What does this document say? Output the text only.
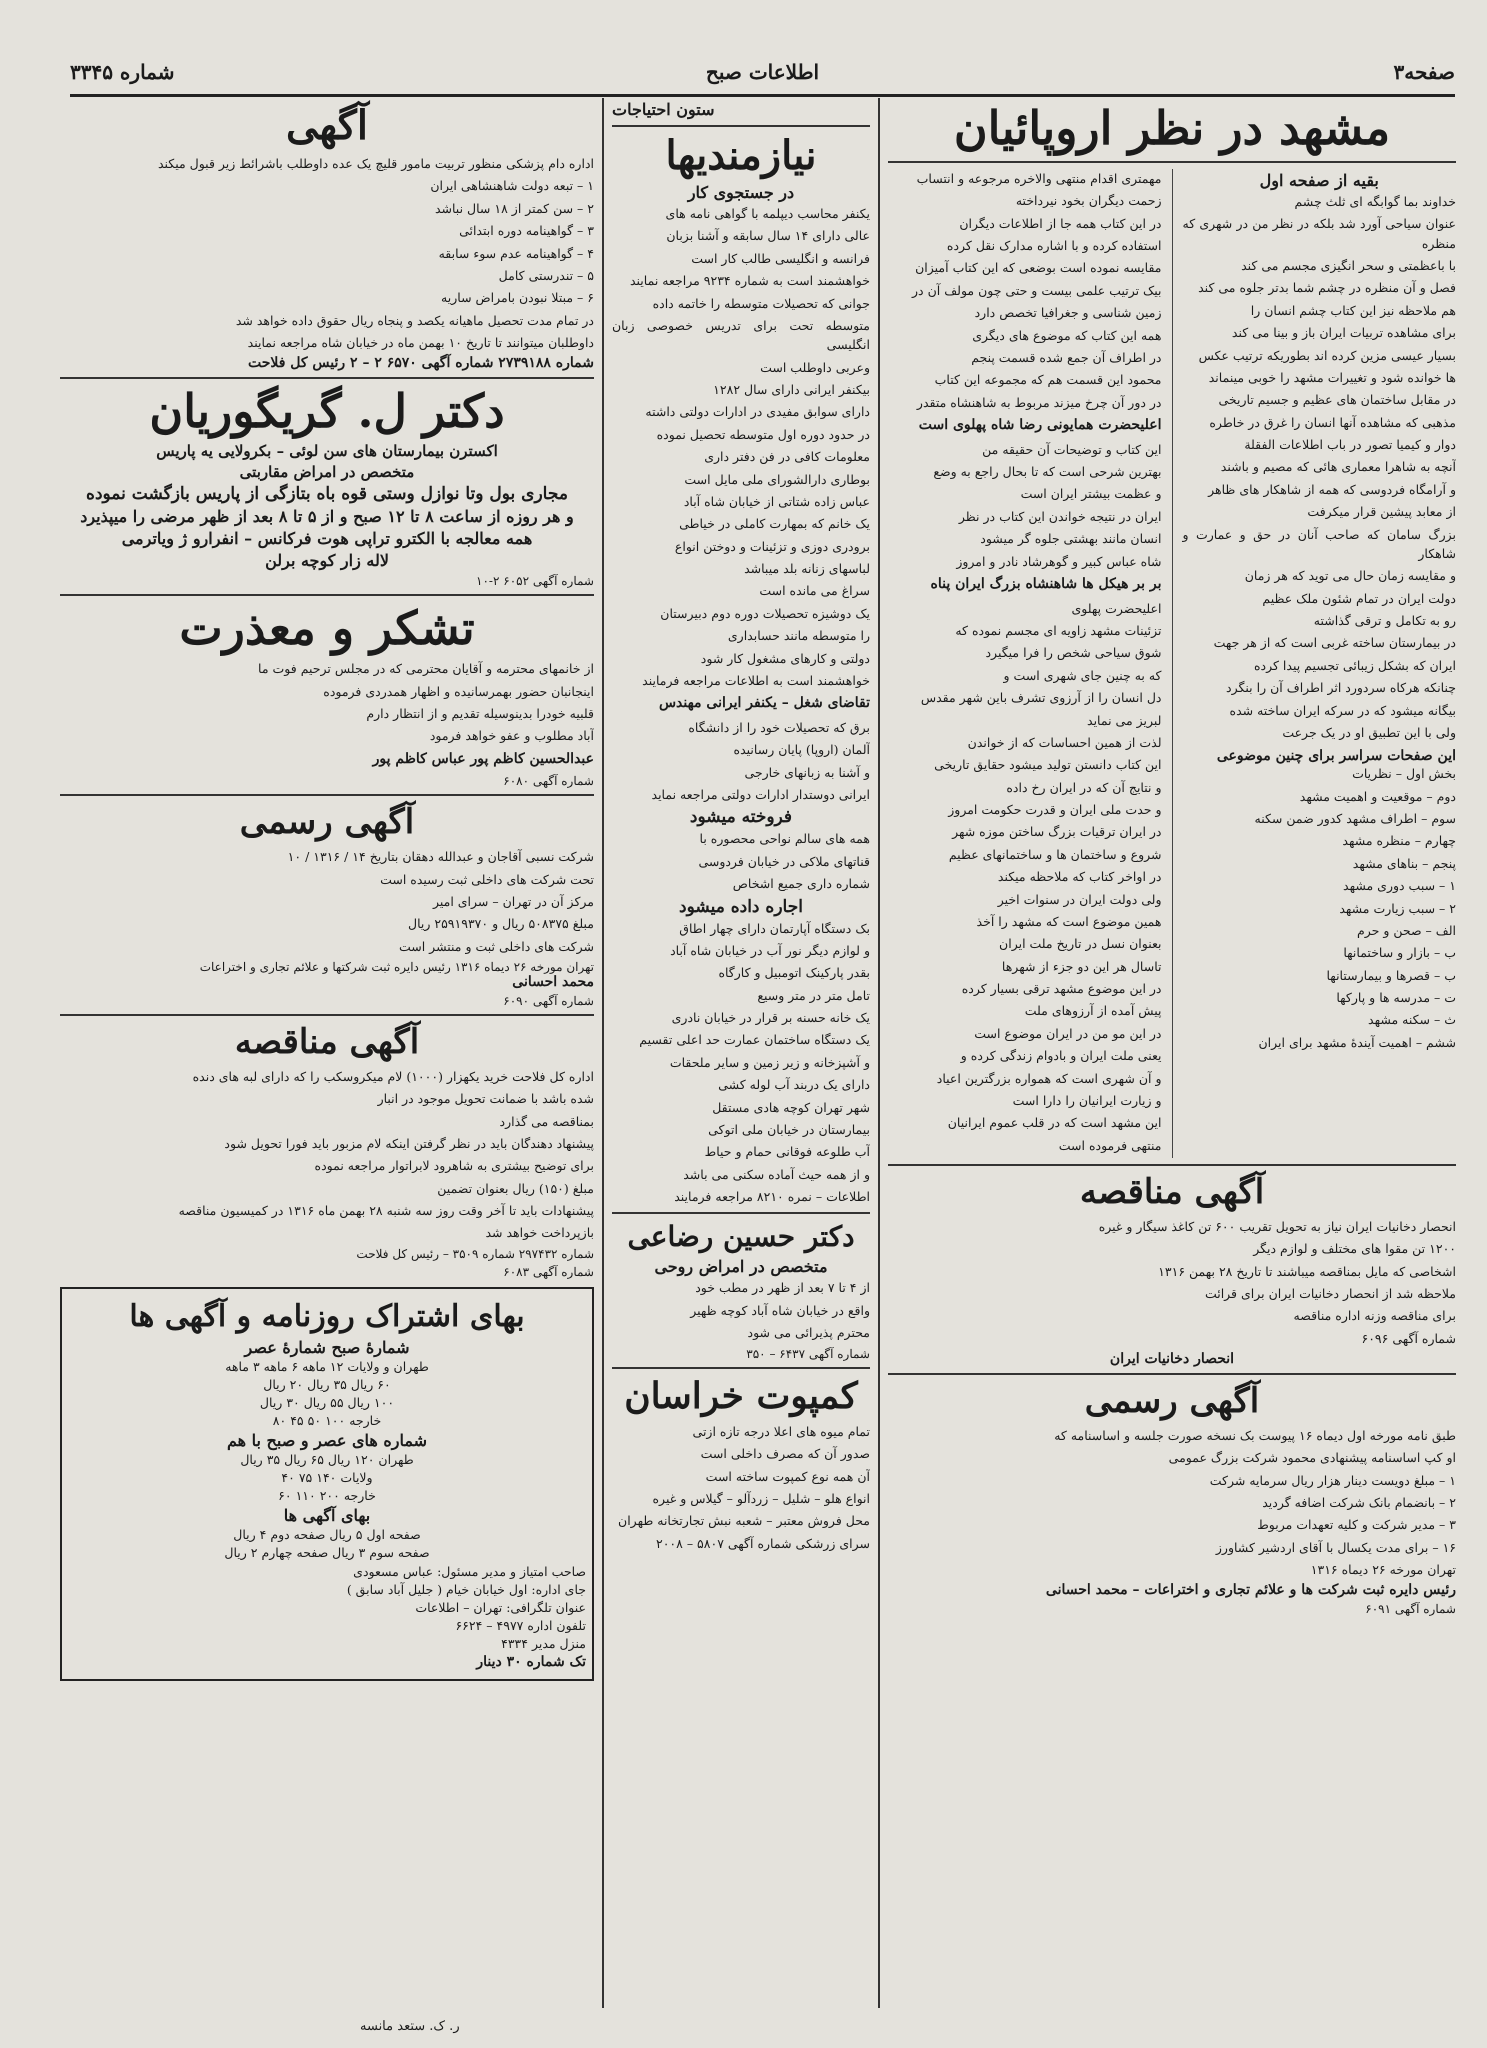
صفحه۳
اطلاعات صبح
شماره ۳۳۴۵
مشهد در نظر اروپائیان
بقیه از صفحه اول

خداوند بما گوابگه ای ثلث چشم

عنوان سیاحی آورد شد بلکه در نظر من در شهری که منظره

با باعظمتی و سحر انگیزی مجسم می کند

فصل و آن منظره در چشم شما بدتر جلوه می کند

هم ملاحظه نیز این کتاب چشم انسان را

برای مشاهده تربیات ایران باز و بینا می کند

بسیار عیسی مزین کرده اند بطوریکه ترتیب عکس

ها خوانده شود و تغییرات مشهد را خوبی مینماند

در مقابل ساختمان های عظیم و جسیم تاریخی

مذهبی که مشاهده آنها انسان را غرق در خاطره

دوار و کیمیا تصور در باب اطلاعات الفقلة

آنچه به شاهرا معماری هائی که مصیم و باشند

و آرامگاه فردوسی که همه از شاهکار های ظاهر

از معابد پیشین قرار میکرفت

بزرگ سامان که صاحب آنان در حق و عمارت و شاهکار

و مقایسه زمان حال می توید که هر زمان

دولت ایران در تمام شئون ملک عظیم

رو به تکامل و ترقی گذاشته

در بیمارستان ساخته غربی است که از هر جهت

ایران که بشکل زیبائی تجسیم پیدا کرده

چنانکه هرکاه سردورد اثر اطراف آن را بنگرد

بیگانه میشود که در سرکه ایران ساخته شده

ولی با این تطبیق او در یک جرعت

این صفحات سراسر برای چنین موضوعی

بخش اول – نظریات

دوم – موقعیت و اهمیت مشهد

سوم – اطراف مشهد کدور ضمن سکنه

چهارم – منظره مشهد

پنجم – بناهای مشهد

۱ – سبب دوری مشهد

۲ – سبب زیارت مشهد

الف – صحن و حرم

ب – بازار و ساختمانها

ب – قصرها و بیمارستانها

ت – مدرسه ها و پارکها

ث – سکنه مشهد

ششم – اهمیت آیندهٔ مشهد برای ایران

مهمتری اقدام منتهی والاخره مرجوعه و انتساب

زحمت دیگران بخود نیرداخته

در این کتاب همه جا از اطلاعات دیگران

استفاده کرده و با اشاره مدارک نقل کرده

مقایسه نموده است بوضعی که این کتاب آمیزان

بیک ترتیب علمی بیست و حتی چون مولف آن در

زمین شناسی و جغرافیا تخصص دارد

همه این کتاب که موضوع های دیگری

در اطراف آن جمع شده قسمت پنجم

محمود این قسمت هم که مجموعه این کتاب

در دور آن چرخ میزند مربوط به شاهنشاه متقدر

اعلیحضرت همایونی رضا شاه پهلوی است

این کتاب و توضیحات آن حقیقه من

بهترین شرحی است که تا بحال راجع به وضع

و عظمت بیشتر ایران است

ایران در نتیجه خواندن این کتاب در نظر

انسان مانند بهشتی جلوه گر میشود

شاه عباس کبیر و گوهرشاد نادر و امروز

بر بر هیکل ها شاهنشاه بزرگ ایران پناه

اعلیحضرت پهلوی

تزئینات مشهد زاویه ای مجسم نموده که

شوق سیاحی شخص را فرا میگیرد

که به چنین جای شهری است و

دل انسان را از آرزوی تشرف باین شهر مقدس

لبریز می نماید

لذت از همین احساسات که از خواندن

این کتاب دانستن تولید میشود حقایق تاریخی

و نتایج آن که در ایران رخ داده

و حدت ملی ایران و قدرت حکومت امروز

در ایران ترقیات بزرگ ساختن موزه شهر

شروع و ساختمان ها و ساختمانهای عظیم

در اواخر کتاب که ملاحظه میکند

ولی دولت ایران در سنوات اخیر

همین موضوع است که مشهد را آخذ

بعنوان نسل در تاریخ ملت ایران

تاسال هر این دو جزء از شهرها

در این موضوع مشهد ترقی بسیار کرده

پیش آمده از آرزوهای ملت

در این مو من در ایران موضوع است

یعنی ملت ایران و بادوام زندگی کرده و

و آن شهری است که همواره بزرگترین اعیاد

و زیارت ایرانیان را دارا است

این مشهد است که در قلب عموم ایرانیان

منتهی فرموده است

آگهی مناقصه

انحصار دخانیات ایران نیاز به تحویل تقریب ۶۰۰ تن کاغذ سیگار و غیره

۱۲۰۰ تن مقوا های مختلف و لوازم دیگر

اشخاصی که مایل بمناقصه میباشند تا تاریخ ۲۸ بهمن ۱۳۱۶

ملاحظه شد از انحصار دخانیات ایران برای قرائت

برای مناقصه وزنه اداره مناقصه

شماره آگهی ۶۰۹۶

انحصار دخانیات ایران
آگهی رسمی

طبق نامه مورخه اول دیماه ۱۶ پیوست بک نسخه صورت جلسه و اساسنامه که

او کپ اساسنامه پیشنهادی محمود شرکت بزرگ عمومی

۱ – مبلغ دویست دینار هزار ریال سرمایه شرکت

۲ – بانضمام بانک شرکت اضافه گردید

۳ – مدیر شرکت و کلیه تعهدات مربوط

۱۶ – برای مدت یکسال با آقای اردشیر کشاورز

تهران مورخه ۲۶ دیماه ۱۳۱۶

رئیس دایره ثبت شرکت ها و علائم تجاری و اختراعات – محمد احسانی
شماره آگهی ۶۰۹۱
ستون احتیاجات
نیازمندیها
در جستجوی کار

یکنفر محاسب دیپلمه با گواهی نامه های

عالی دارای ۱۴ سال سابقه و آشنا بزبان

فرانسه و انگلیسی طالب کار است

خواهشمند است به شماره ۹۲۳۴ مراجعه نمایند

جوانی که تحصیلات متوسطه را خاتمه داده

متوسطه تحت برای تدریس خصوصی زبان انگلیسی

وعربی داوطلب است

بیکنفر ایرانی دارای سال ۱۲۸۲

دارای سوابق مفیدی در ادارات دولتی داشته

در حدود دوره اول متوسطه تحصیل نموده

معلومات کافی در فن دفتر داری

بوطاری دارالشورای ملی مایل است

عباس زاده شتاتی از خیابان شاه آباد

یک خانم که بمهارت کاملی در خیاطی

برودری دوزی و تزئینات و دوختن انواع

لباسهای زنانه بلد میباشد

سراغ می مانده است

یک دوشیزه تحصیلات دوره دوم دبیرستان

را متوسطه مانند حسابداری

دولتی و کارهای مشغول کار شود

خواهشمند است به اطلاعات مراجعه فرمایند

تقاضای شغل – یکنفر ایرانی مهندس

برق که تحصیلات خود را از دانشگاه

آلمان (اروپا) پایان رسانیده

و آشنا به زبانهای خارجی

ایرانی دوستدار ادارات دولتی مراجعه نماید

فروخته میشود

همه های سالم نواحی محصوره با

قناتهای ملاکی در خیابان فردوسی

شماره داری جمیع اشخاص

اجاره داده میشود

بک دستگاه آپارتمان دارای چهار اطاق

و لوازم دیگر نور آب در خیابان شاه آباد

بقدر پارکینک اتومبیل و کارگاه

تامل متر در متر وسیع

یک خانه حسنه بر قرار در خیابان نادری

یک دستگاه ساختمان عمارت حد اعلی تقسیم

و آشپزخانه و زیر زمین و سایر ملحقات

دارای یک دربند آب لوله کشی

شهر تهران کوچه هادی مستقل

بیمارستان در خیابان ملی اتوکی

آب طلوعه فوقانی حمام و حیاط

و از همه حیث آماده سکنی می باشد

اطلاعات – نمره ۸۲۱۰ مراجعه فرمایند

دکتر حسین رضاعی
متخصص در امراض روحی

از ۴ تا ۷ بعد از ظهر در مطب خود

واقع در خیابان شاه آباد کوچه ظهیر

محترم پذیرائی می شود

شماره آگهی ۶۴۳۷ – ۳۵۰
کمپوت خراسان

تمام میوه های اعلا درجه تازه ازتی

صدور آن که مصرف داخلی است

آن همه نوع کمپوت ساخته است

انواع هلو – شلیل – زردآلو – گیلاس و غیره

محل فروش معتبر – شعبه نبش تجارتخانه طهران

سرای زرشکی شماره آگهی ۵۸۰۷ – ۲۰۰۸

آگهی

اداره دام پزشکی منظور تربیت مامور قلیچ یک عده داوطلب باشرائط زیر قبول میکند

۱ – تبعه دولت شاهنشاهی ایران

۲ – سن کمتر از ۱۸ سال نباشد

۳ – گواهینامه دوره ابتدائی

۴ – گواهینامه عدم سوء سابقه

۵ – تندرستی کامل

۶ – مبتلا نبودن بامراض ساریه

در تمام مدت تحصیل ماهیانه یکصد و پنجاه ریال حقوق داده خواهد شد

داوطلبان میتوانند تا تاریخ ۱۰ بهمن ماه در خیابان شاه مراجعه نمایند

شماره ۲۷۳۹۱۸۸ شماره آگهی ۶۵۷۰ ۲ – ۲ رئیس کل فلاحت
دکتر ل. گریگوریان

اکسترن بیمارستان های سن لوئی – بکرولایی یه پاریس

متخصص در امراض مقاربتی

مجاری بول وتا نوازل وستی قوه باه بتازگی از پاریس بازگشت نموده

و هر روزه از ساعت ۸ تا ۱۲ صبح و از ۵ تا ۸ بعد از ظهر مرضی را میپذیرد

همه معالجه با الکترو تراپی هوت فرکانس – انفرارو ژ ویاترمی

لاله زار کوچه برلن

شماره آگهی ۶۰۵۲ ۲-۱۰
تشکر و معذرت

از خانمهای محترمه و آقایان محترمی که در مجلس ترحیم فوت ما

اینجانبان حضور بهمرسانیده و اظهار همدردی فرموده

قلبیه خودرا بدینوسیله تقدیم و از انتظار دارم

آباد مطلوب و عفو خواهد فرمود

عبدالحسین کاظم پور عباس کاظم پور

شماره آگهی ۶۰۸۰
آگهی رسمی

شرکت نسبی آقاجان و عبدالله دهقان بتاریخ ۱۴ / ۱۳۱۶ / ۱۰

تحت شرکت های داخلی ثبت رسیده است

مرکز آن در تهران – سرای امیر

مبلغ ۵۰۸۳۷۵ ریال و ۲۵۹۱۹۳۷۰ ریال

شرکت های داخلی ثبت و منتشر است

تهران مورخه ۲۶ دیماه ۱۳۱۶ رئیس دایره ثبت شرکتها و علائم تجاری و اختراعات
محمد احسانی
شماره آگهی ۶۰۹۰
آگهی مناقصه

اداره کل فلاحت خرید یکهزار (۱۰۰۰) لام میکروسکب را که دارای لبه های دنده

شده باشد با ضمانت تحویل موجود در انبار

بمناقصه می گذارد

پیشنهاد دهندگان باید در نظر گرفتن اینکه لام مزبور باید فورا تحویل شود

برای توضیح بیشتری به شاهرود لابراتوار مراجعه نموده

مبلغ (۱۵۰) ریال بعنوان تضمین

پیشنهادات باید تا آخر وقت روز سه شنبه ۲۸ بهمن ماه ۱۳۱۶ در کمیسیون مناقصه

بازپرداخت خواهد شد

شماره ۲۹۷۴۳۲ شماره ۳۵۰۹ – رئیس کل فلاحت
شماره آگهی ۶۰۸۳
بهای اشتراک روزنامه و آگهی ها
شمارهٔ صبح شمارهٔ عصر

طهران و ولایات ۱۲ ماهه ۶ ماهه ۳ ماهه

۶۰ ریال ۳۵ ریال ۲۰ ریال

۱۰۰ ریال ۵۵ ریال ۳۰ ریال

خارجه ۱۰۰ ۵۰ ۴۵ ۸۰

شماره های عصر و صبح با هم

طهران ۱۲۰ ریال ۶۵ ریال ۳۵ ریال

ولایات ۱۴۰ ۷۵ ۴۰

خارجه ۲۰۰ ۱۱۰ ۶۰

بهای آگهی ها

صفحه اول ۵ ریال صفحه دوم ۴ ریال

صفحه سوم ۳ ریال صفحه چهارم ۲ ریال

صاحب امتیاز و مدیر مسئول: عباس مسعودی

جای اداره: اول خیابان خیام ( جلیل آباد سابق )

عنوان تلگرافی: تهران – اطلاعات

تلفون اداره ۴۹۷۷ – ۶۶۲۴

منزل مدیر ۴۳۳۴

تک شماره ۳۰ دینار

ر. ک. ستعد مانسه
